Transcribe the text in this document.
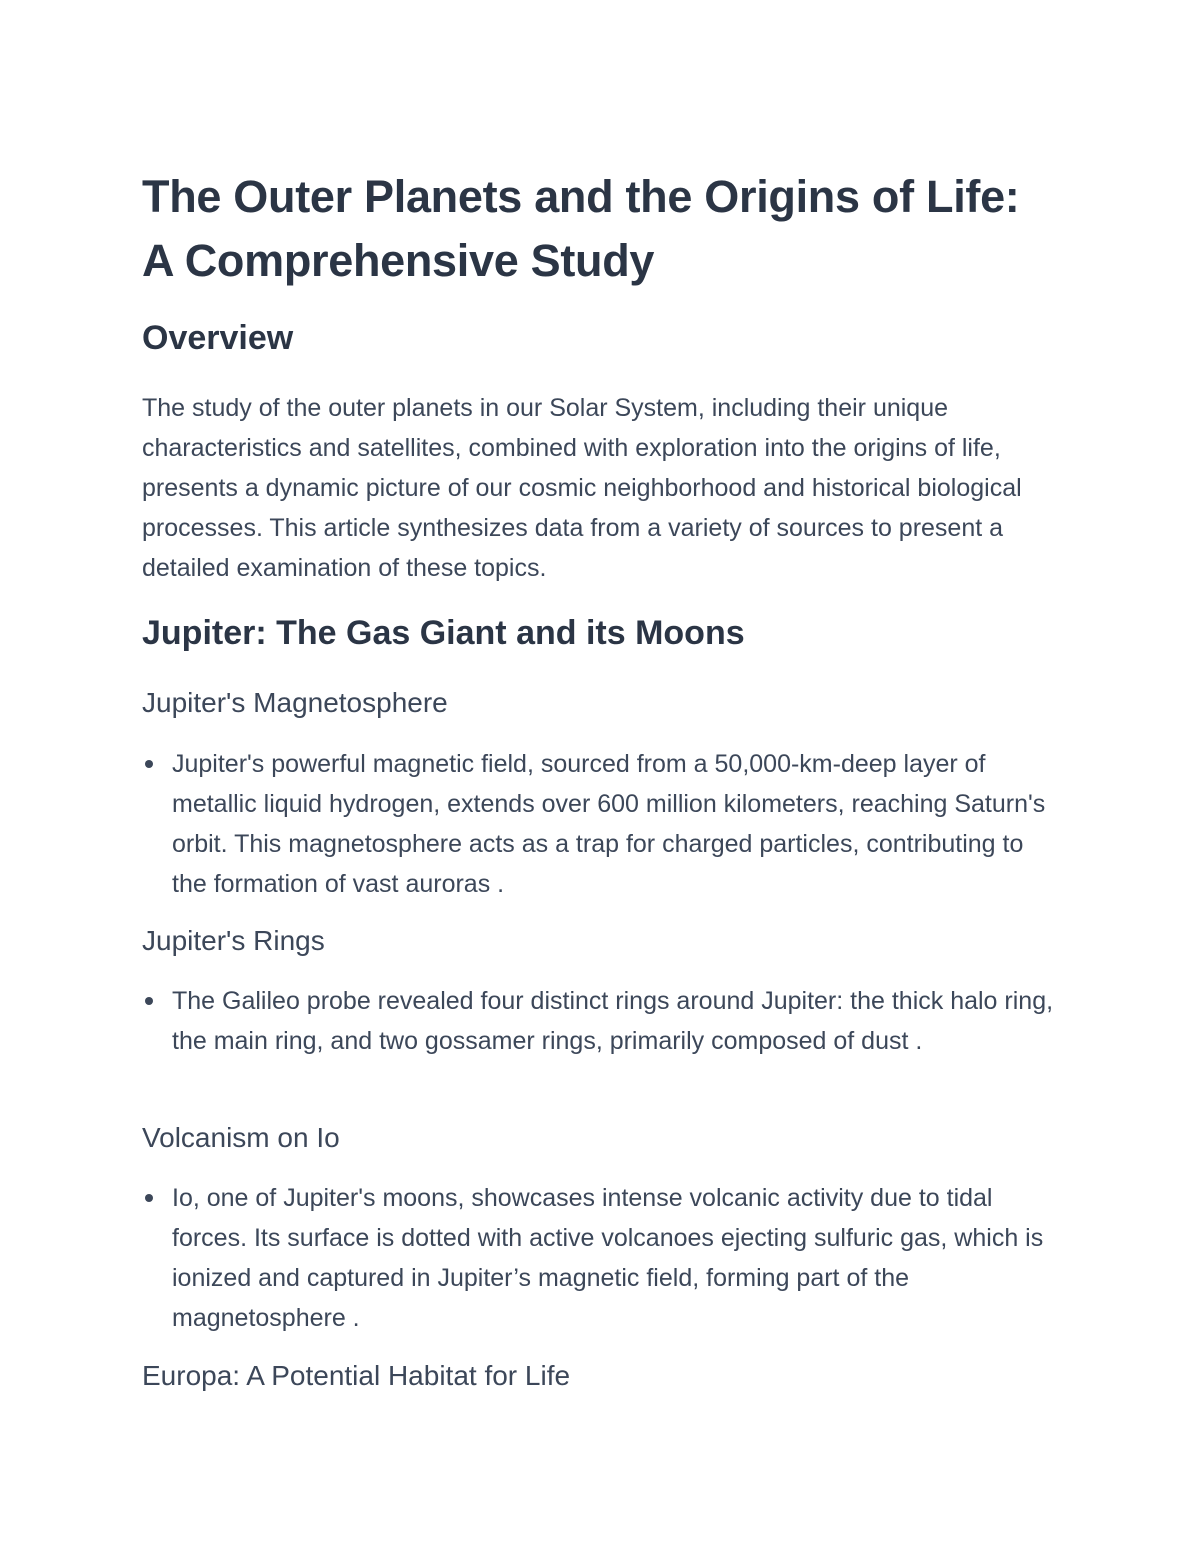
The Outer Planets and the Origins of Life: A Comprehensive Study
Overview

The study of the outer planets in our Solar System, including their unique characteristics and satellites, combined with exploration into the origins of life, presents a dynamic picture of our cosmic neighborhood and historical biological processes. This article synthesizes data from a variety of sources to present a detailed examination of these topics.

Jupiter: The Gas Giant and its Moons
Jupiter's Magnetosphere
Jupiter's powerful magnetic field, sourced from a 50,000-km-deep layer of metallic liquid hydrogen, extends over 600 million kilometers, reaching Saturn's orbit. This magnetosphere acts as a trap for charged particles, contributing to the formation of vast auroras .
Jupiter's Rings
The Galileo probe revealed four distinct rings around Jupiter: the thick halo ring, the main ring, and two gossamer rings, primarily composed of dust .
Volcanism on Io
Io, one of Jupiter's moons, showcases intense volcanic activity due to tidal forces. Its surface is dotted with active volcanoes ejecting sulfuric gas, which is ionized and captured in Jupiter’s magnetic field, forming part of the magnetosphere .
Europa: A Potential Habitat for Life
